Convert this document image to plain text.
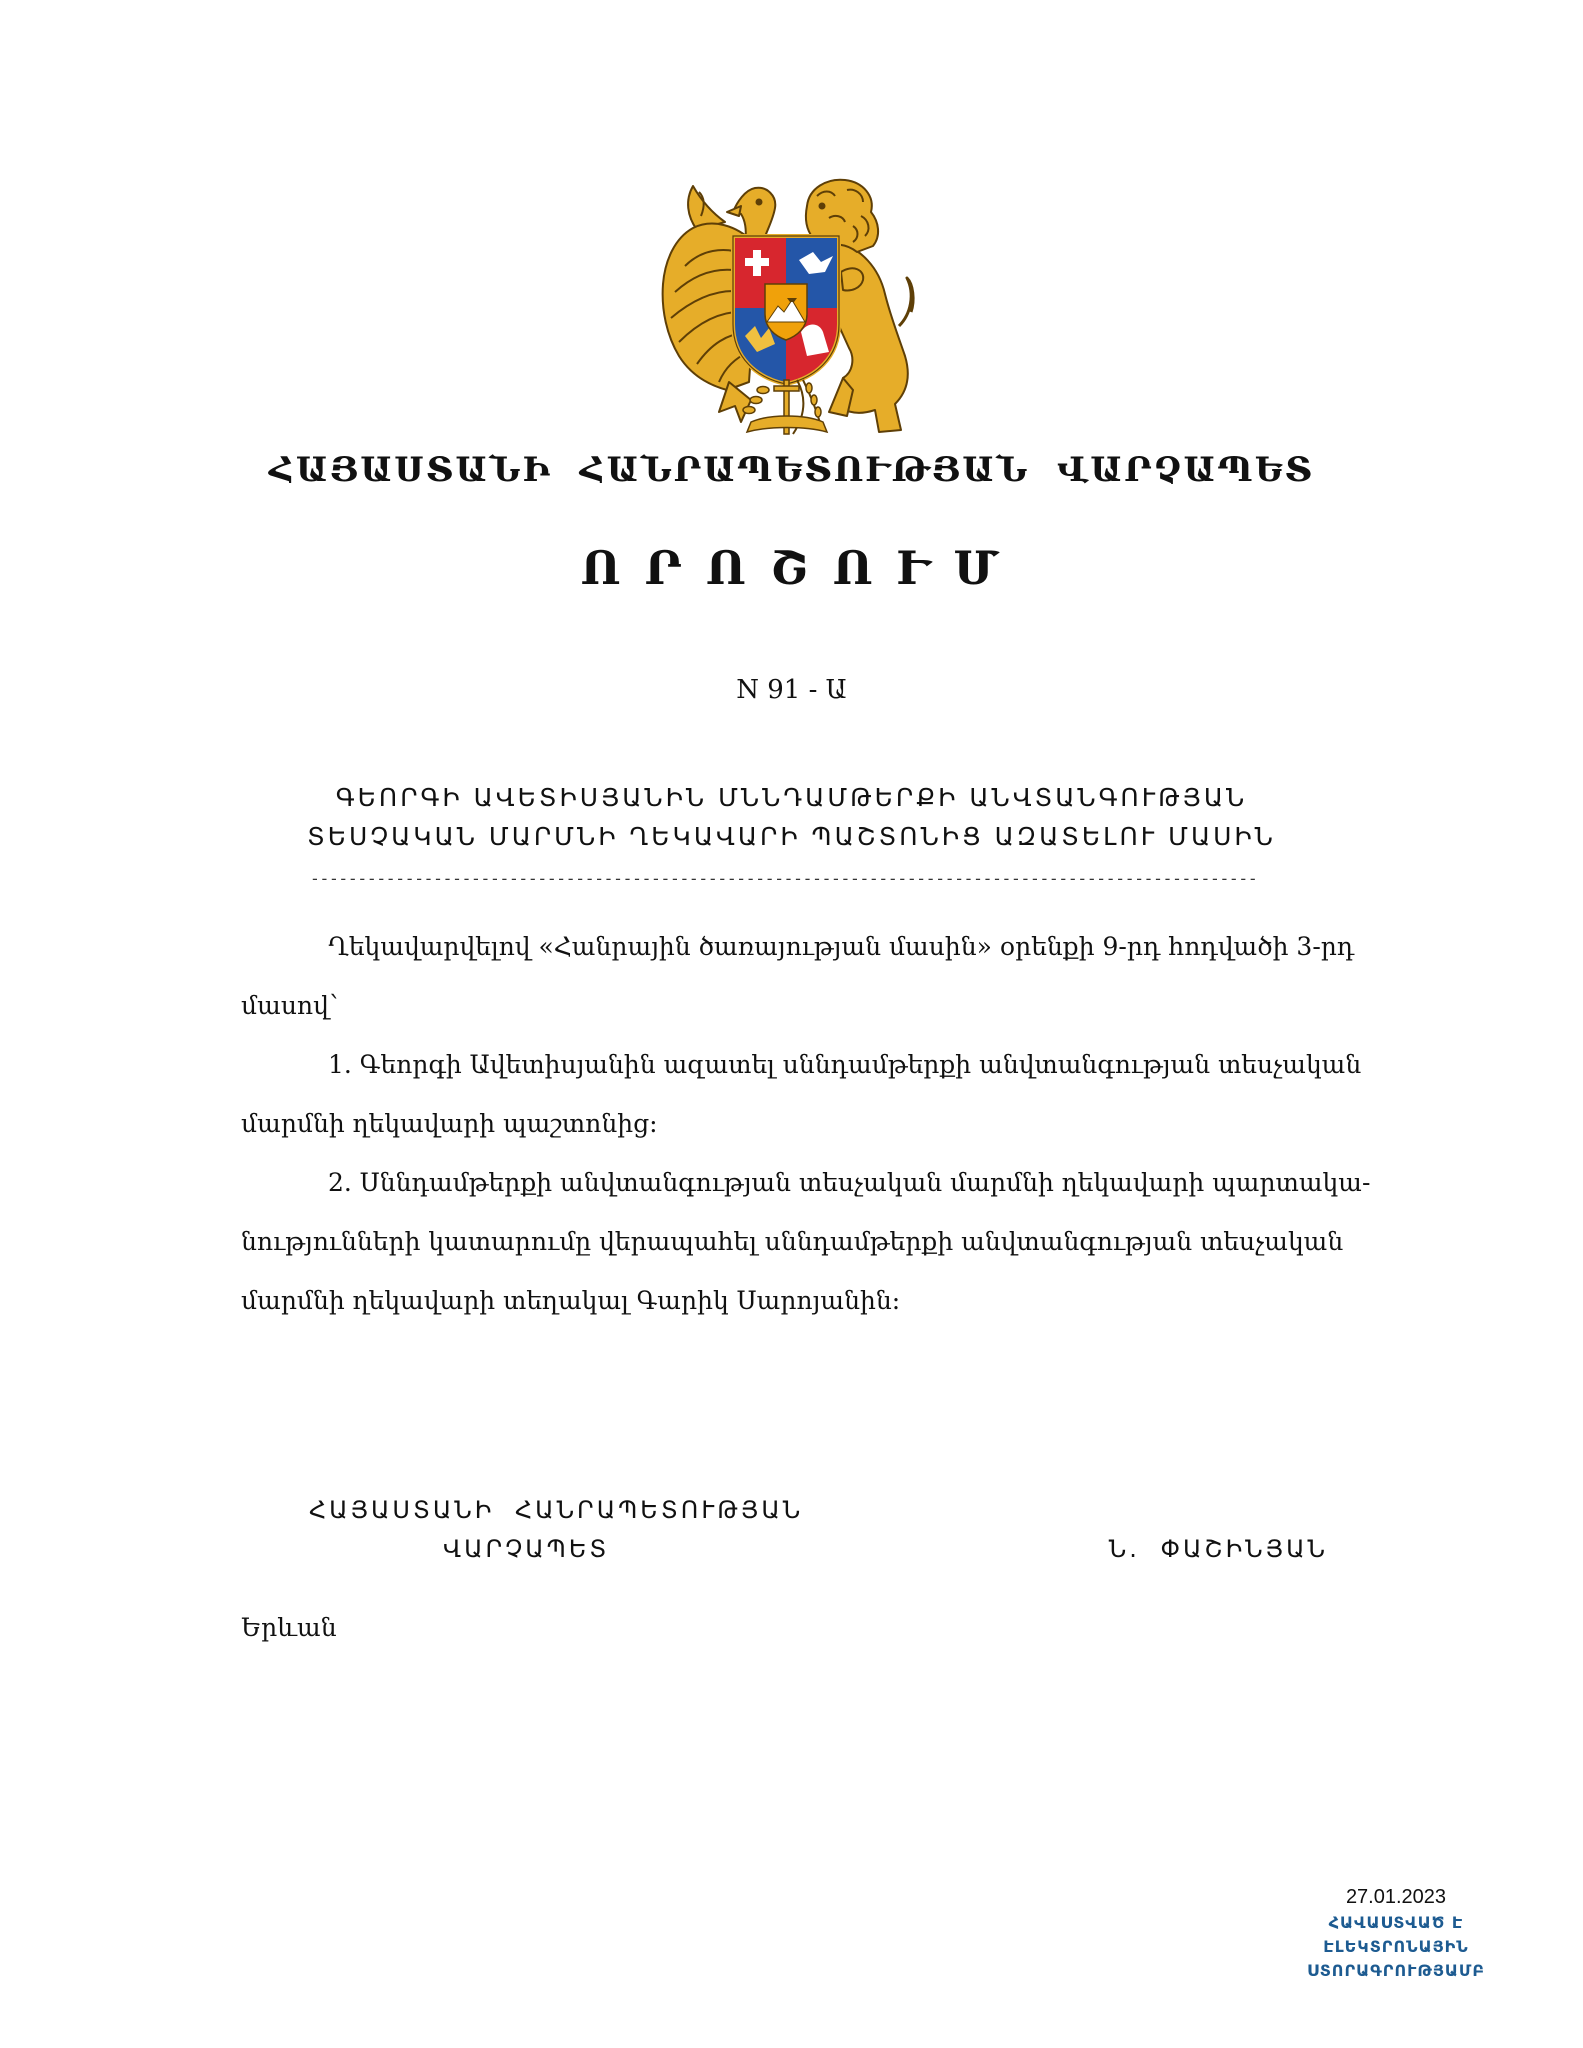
ՀԱՅԱՍՏԱՆԻ ՀԱՆՐԱՊԵՏՈՒԹՅԱՆ ՎԱՐՉԱՊԵՏ
Ո Ր Ո Շ Ո Ւ Մ
N 91 - Ա
ԳԵՈՐԳԻ ԱՎԵՏԻՍՅԱՆԻՆ ՄՆՆԴԱՄԹԵՐՔԻ ԱՆՎՏԱՆԳՈՒԹՅԱՆ
ՏԵՍՉԱԿԱՆ ՄԱՐՄՆԻ ՂԵԿԱՎԱՐԻ ՊԱՇՏՈՆԻՑ ԱԶԱՏԵԼՈՒ ՄԱՍԻՆ
----------------------------------------------------------------------------------------------------
Ղեկավարվելով «Հանրային ծառայության մասին» օրենքի 9-րդ հոդվածի 3-րդ
մասով՝
1. Գեորգի Ավետիսյանին ազատել սննդամթերքի անվտանգության տեսչական
մարմնի ղեկավարի պաշտոնից։
2. Սննդամթերքի անվտանգության տեսչական մարմնի ղեկավարի պարտակա-
նությունների կատարումը վերապահել սննդամթերքի անվտանգության տեսչական
մարմնի ղեկավարի տեղակալ Գարիկ Սարոյանին։
ՀԱՅԱՍՏԱՆԻ ՀԱՆՐԱՊԵՏՈՒԹՅԱՆ
ՎԱՐՉԱՊԵՏ	Ն. ՓԱՇԻՆՅԱՆ
Երևան
27.01.2023
ՀԱՎԱՍՏՎԱԾ Է
ԷԼԵԿՏՐՈՆԱՅԻՆ
ՍՏՈՐԱԳՐՈՒԹՅԱՄԲ
